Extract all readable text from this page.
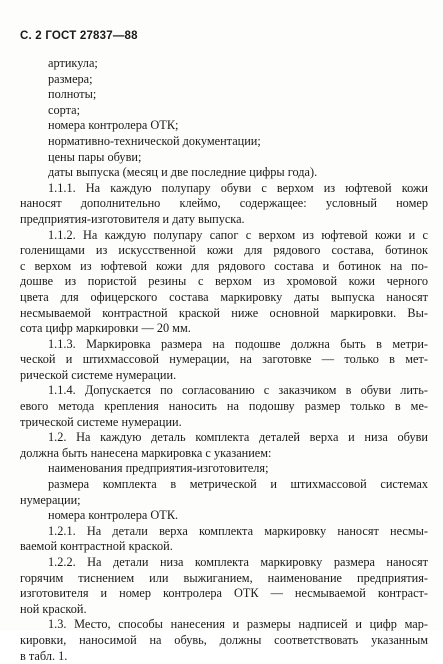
С. 2 ГОСТ 27837—88
артикула;
размера;
полноты;
сорта;
номера контролера ОТК;
нормативно-технической документации;
цены пары обуви;
даты выпуска (месяц и две последние цифры года).
1.1.1. На каждую полупару обуви с верхом из юфтевой кожи
наносят дополнительно клеймо, содержащее: условный номер
предприятия-изготовителя и дату выпуска.
1.1.2. На каждую полупару сапог с верхом из юфтевой кожи и с
голенищами из искусственной кожи для рядового состава, ботинок
с верхом из юфтевой кожи для рядового состава и ботинок на по-
дошве из пористой резины с верхом из хромовой кожи черного
цвета для офицерского состава маркировку даты выпуска наносят
несмываемой контрастной краской ниже основной маркировки. Вы-
сота цифр маркировки — 20 мм.
1.1.3. Маркировка размера на подошве должна быть в метри-
ческой и штихмассовой нумерации, на заготовке — только в мет-
рической системе нумерации.
1.1.4. Допускается по согласованию с заказчиком в обуви лить-
евого метода крепления наносить на подошву размер только в ме-
трической системе нумерации.
1.2. На каждую деталь комплекта деталей верха и низа обуви
должна быть нанесена маркировка с указанием:
наименования предприятия-изготовителя;
размера комплекта в метрической и штихмассовой системах
нумерации;
номера контролера ОТК.
1.2.1. На детали верха комплекта маркировку наносят несмы-
ваемой контрастной краской.
1.2.2. На детали низа комплекта маркировку размера наносят
горячим тиснением или выжиганием, наименование предприятия-
изготовителя и номер контролера ОТК — несмываемой контраст-
ной краской.
1.3. Место, способы нанесения и размеры надписей и цифр мар-
кировки, наносимой на обувь, должны соответствовать указанным
в табл. 1.
